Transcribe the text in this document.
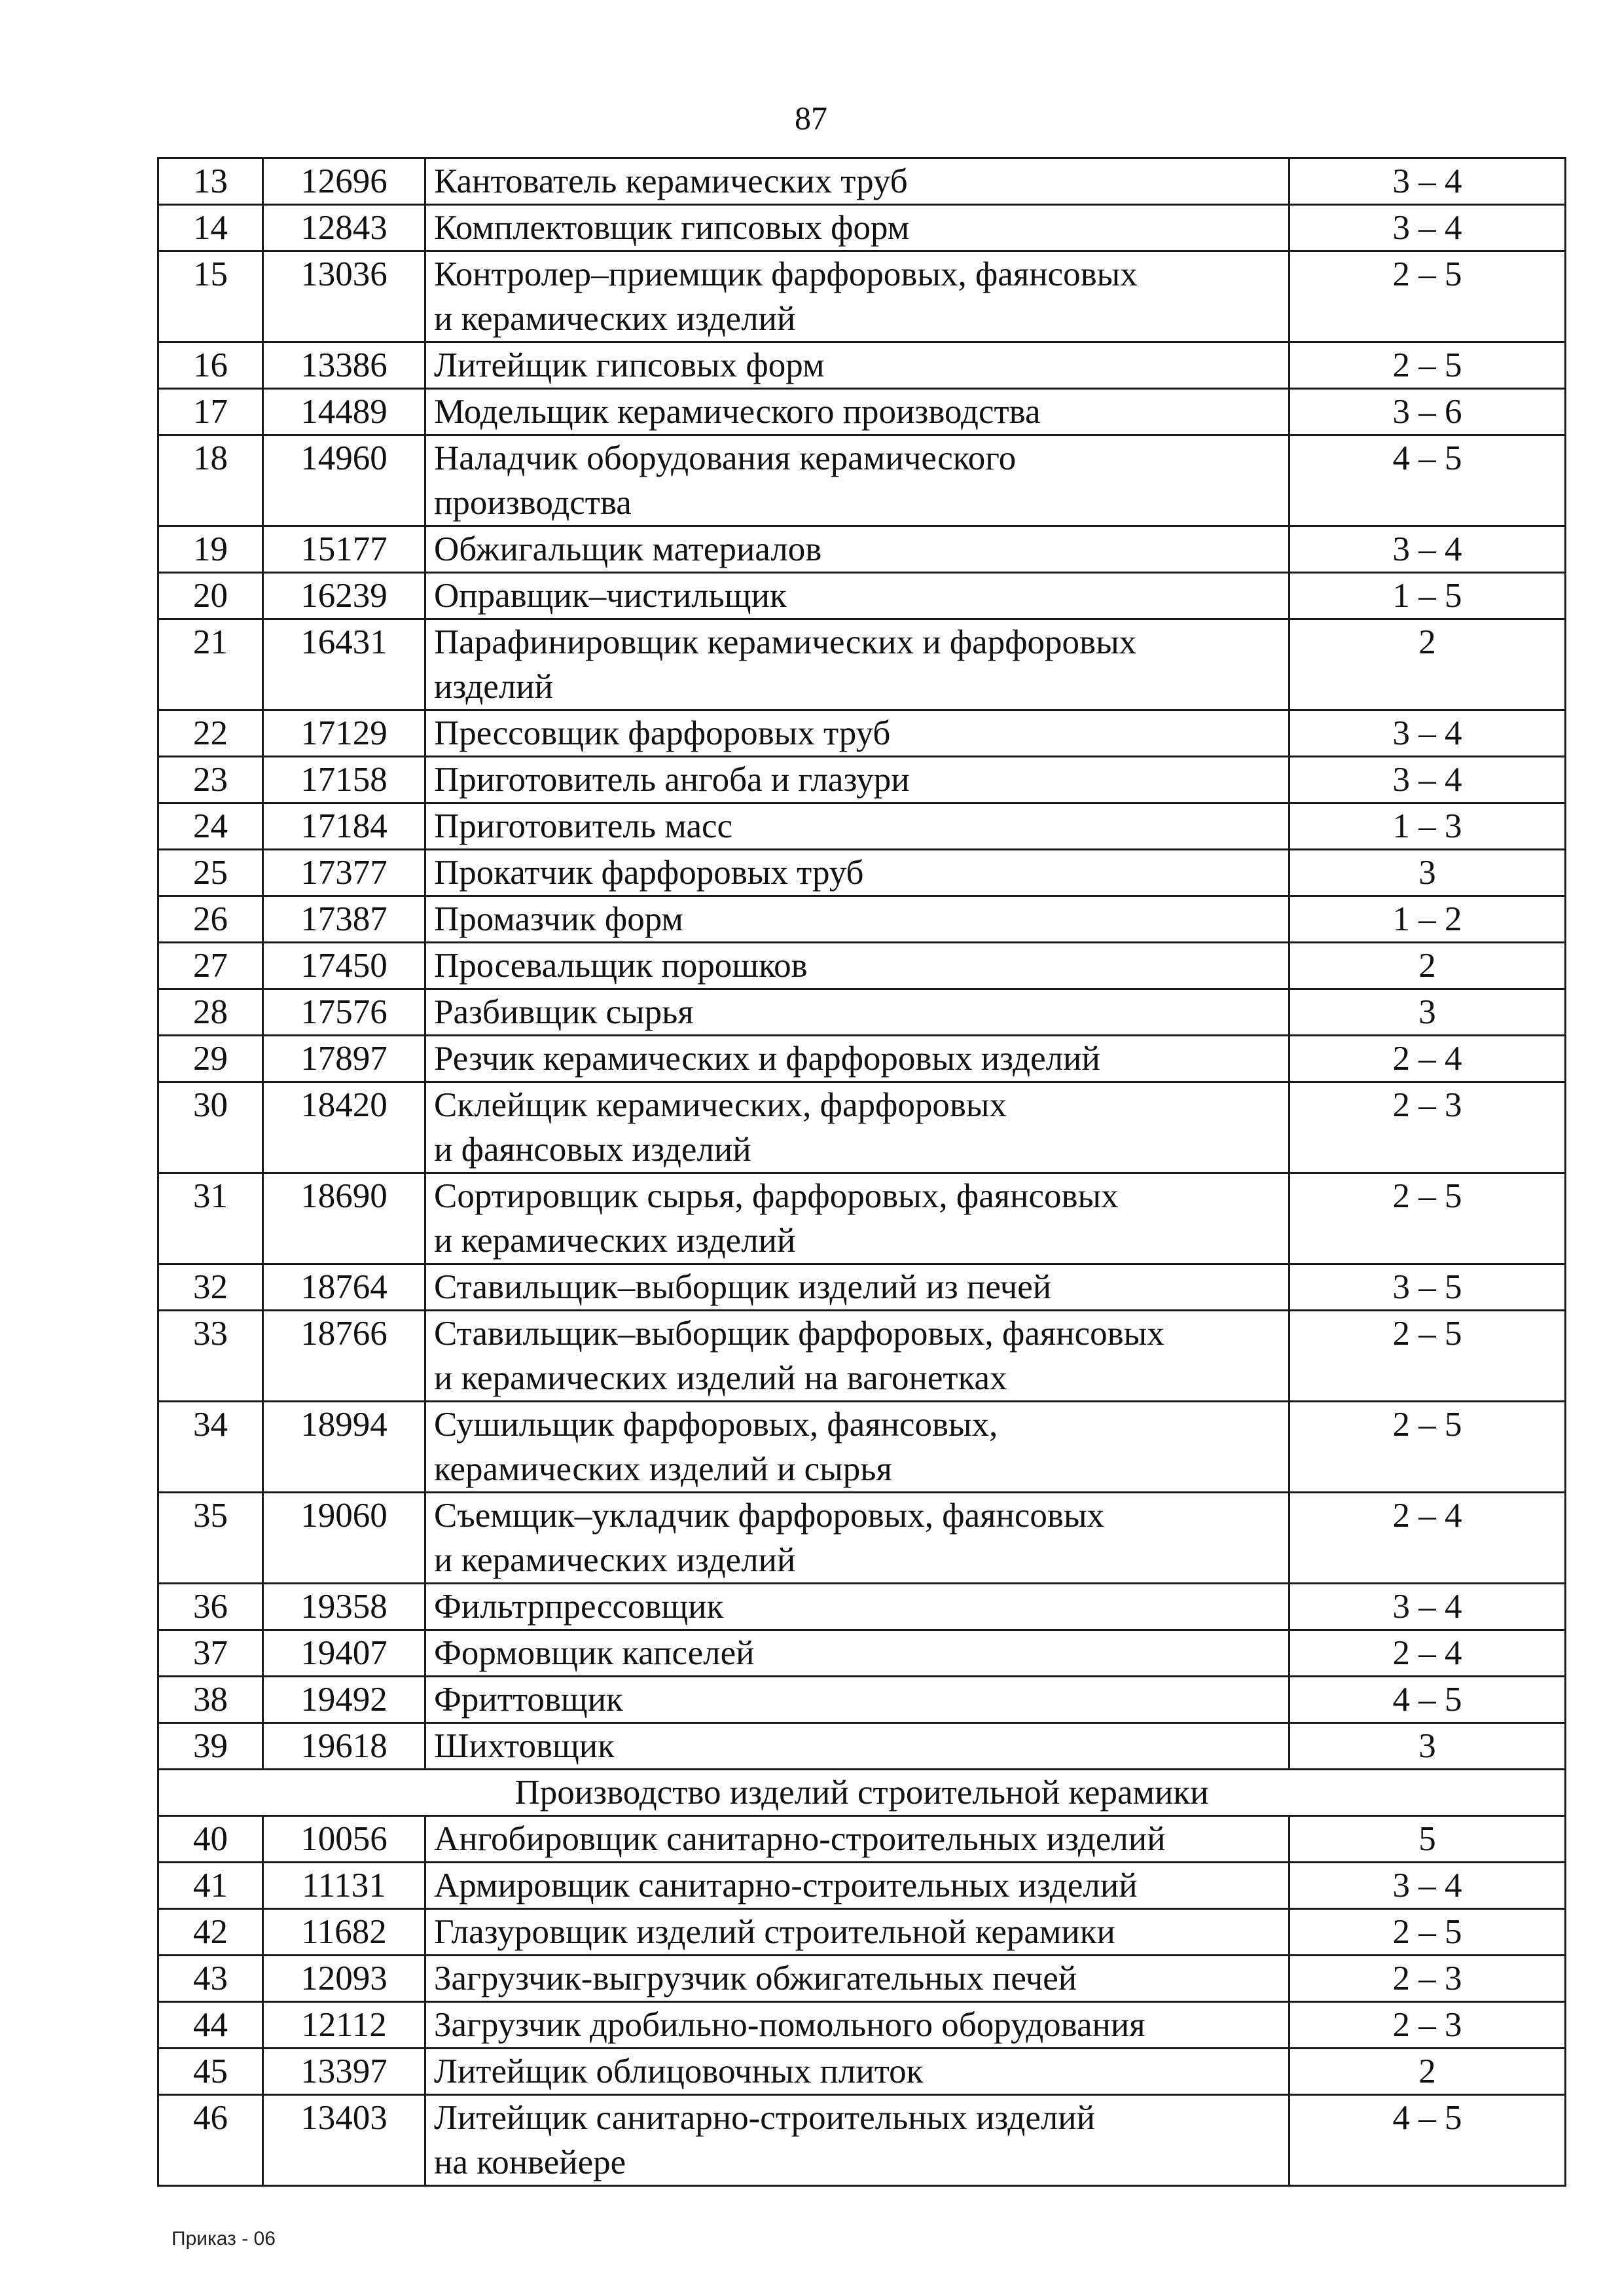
87
13	12696	Кантователь керамических труб	3 – 4
14	12843	Комплектовщик гипсовых форм	3 – 4
15	13036	Контролер–приемщик фарфоровых, фаянсовых
и керамических изделий	2 – 5
16	13386	Литейщик гипсовых форм	2 – 5
17	14489	Модельщик керамического производства	3 – 6
18	14960	Наладчик оборудования керамического
производства	4 – 5
19	15177	Обжигальщик материалов	3 – 4
20	16239	Оправщик–чистильщик	1 – 5
21	16431	Парафинировщик керамических и фарфоровых
изделий	2
22	17129	Прессовщик фарфоровых труб	3 – 4
23	17158	Приготовитель ангоба и глазури	3 – 4
24	17184	Приготовитель масс	1 – 3
25	17377	Прокатчик фарфоровых труб	3
26	17387	Промазчик форм	1 – 2
27	17450	Просевальщик порошков	2
28	17576	Разбивщик сырья	3
29	17897	Резчик керамических и фарфоровых изделий	2 – 4
30	18420	Склейщик керамических, фарфоровых
и фаянсовых изделий	2 – 3
31	18690	Сортировщик сырья, фарфоровых, фаянсовых
и керамических изделий	2 – 5
32	18764	Ставильщик–выборщик изделий из печей	3 – 5
33	18766	Ставильщик–выборщик фарфоровых, фаянсовых
и керамических изделий на вагонетках	2 – 5
34	18994	Сушильщик фарфоровых, фаянсовых,
керамических изделий и сырья	2 – 5
35	19060	Съемщик–укладчик фарфоровых, фаянсовых
и керамических изделий	2 – 4
36	19358	Фильтрпрессовщик	3 – 4
37	19407	Формовщик капселей	2 – 4
38	19492	Фриттовщик	4 – 5
39	19618	Шихтовщик	3
Производство изделий строительной керамики			
40	10056	Ангобировщик санитарно-строительных изделий	5
41	11131	Армировщик санитарно-строительных изделий	3 – 4
42	11682	Глазуровщик изделий строительной керамики	2 – 5
43	12093	Загрузчик-выгрузчик обжигательных печей	2 – 3
44	12112	Загрузчик дробильно-помольного оборудования	2 – 3
45	13397	Литейщик облицовочных плиток	2
46	13403	Литейщик санитарно-строительных изделий
на конвейере	4 – 5
Приказ - 06
